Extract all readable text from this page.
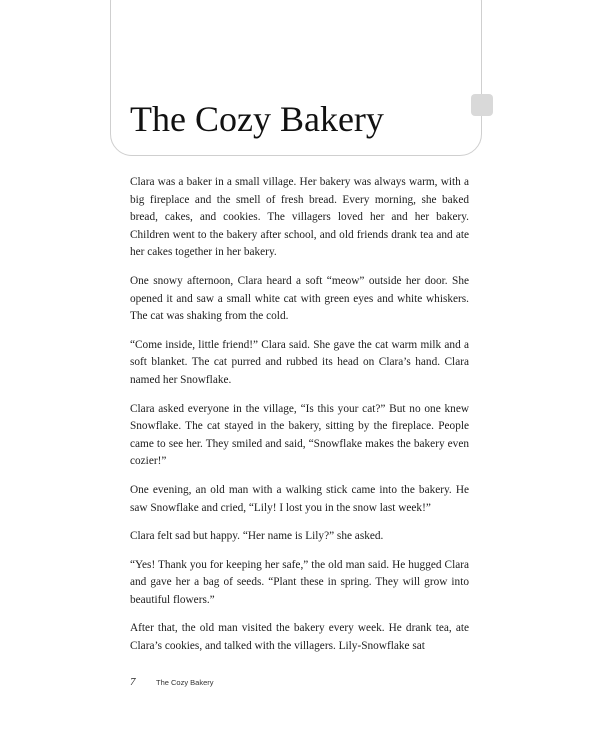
The Cozy Bakery

Clara was a baker in a small village. Her bakery was always warm, with a big fireplace and the smell of fresh bread. Every morning, she baked bread, cakes, and cookies. The villagers loved her and her bakery. Children went to the bakery after school, and old friends drank tea and ate her cakes together in her bakery.

One snowy afternoon, Clara heard a soft “meow” outside her door. She opened it and saw a small white cat with green eyes and white whiskers. The cat was shaking from the cold.

“Come inside, little friend!” Clara said. She gave the cat warm milk and a soft blanket. The cat purred and rubbed its head on Clara’s hand. Clara named her Snowflake.

Clara asked everyone in the village, “Is this your cat?” But no one knew Snowflake. The cat stayed in the bakery, sitting by the fireplace. People came to see her. They smiled and said, “Snowflake makes the bakery even cozier!”

One evening, an old man with a walking stick came into the bakery. He saw Snowflake and cried, “Lily! I lost you in the snow last week!”

Clara felt sad but happy. “Her name is Lily?” she asked.

“Yes! Thank you for keeping her safe,” the old man said. He hugged Clara and gave her a bag of seeds. “Plant these in spring. They will grow into beautiful flowers.”

After that, the old man visited the bakery every week. He drank tea, ate Clara’s cookies, and talked with the villagers. Lily-Snowflake sat

7	The Cozy Bakery
